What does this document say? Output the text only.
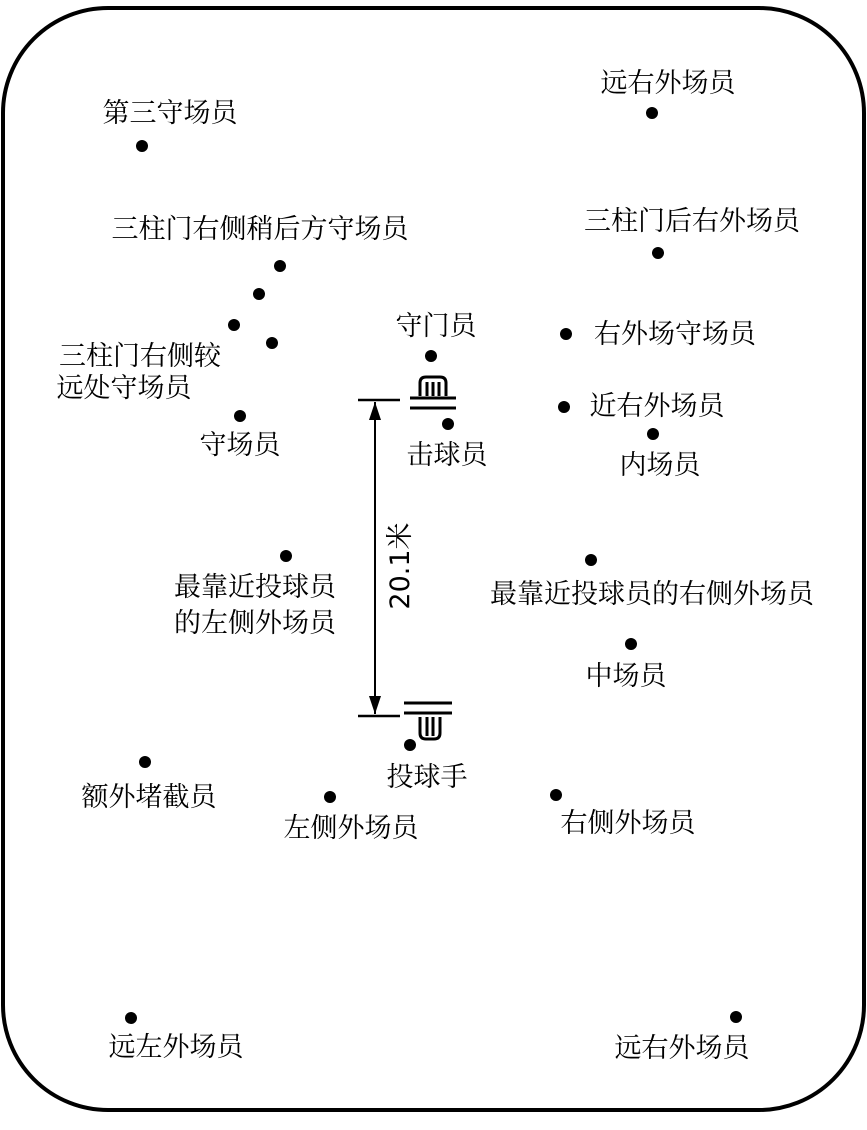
20.1米
远右外场员
第三守场员
三柱门后右外场员
三柱门右侧稍后方守场员
守门员	右外场守场员
三柱门右侧较
远处守场员
近右外场员
守场员	击球员	内场员
最靠近投球员
的左侧外场员
最靠近投球员的右侧外场员
中场员
投球手
额外堵截员
左侧外场员	右侧外场员
远左外场员	远右外场员
